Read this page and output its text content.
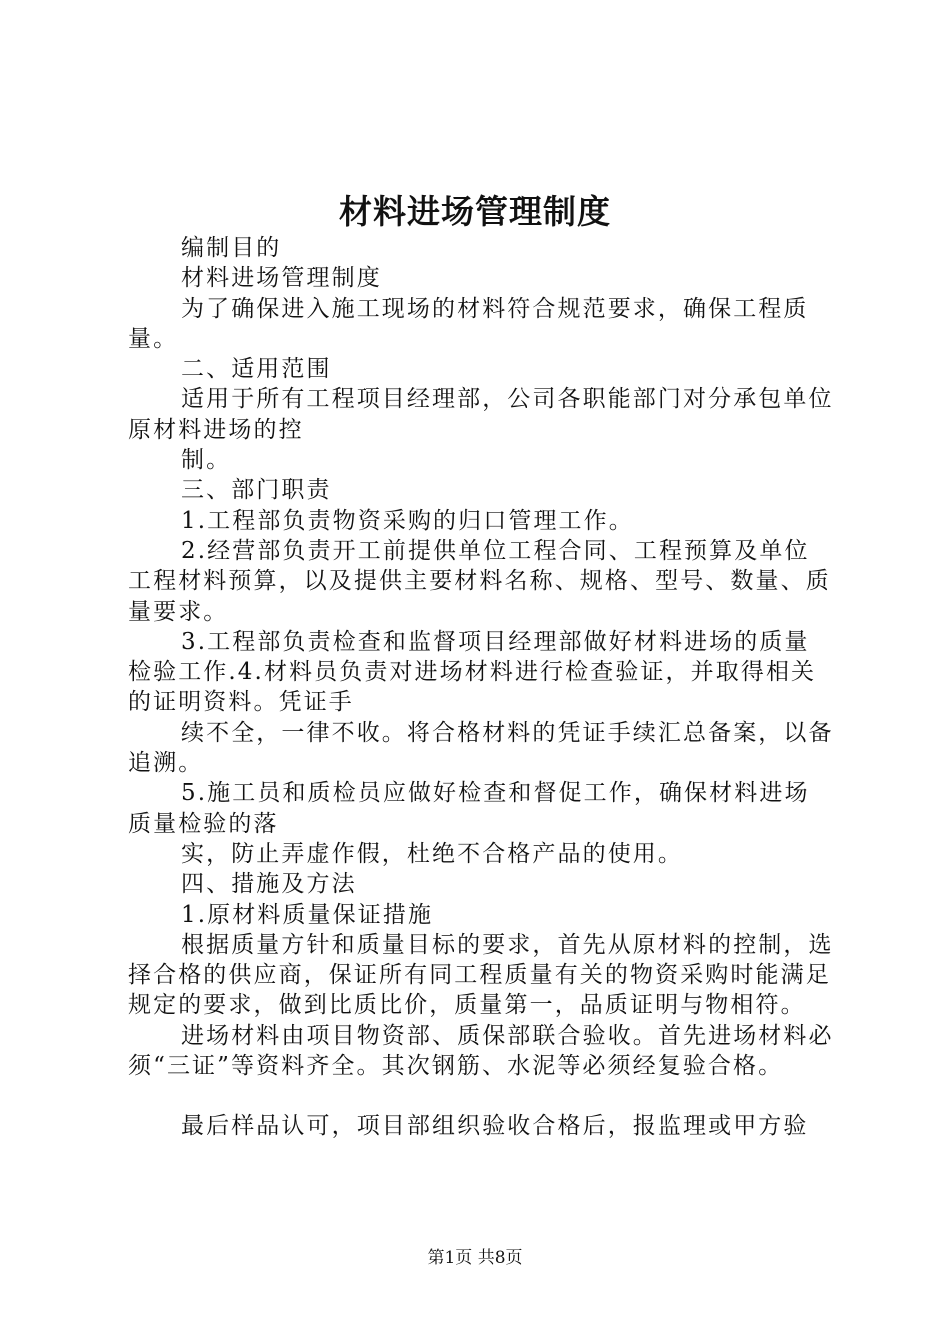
材料进场管理制度

编制目的

材料进场管理制度

为了确保进入施工现场的材料符合规范要求，确保工程质量。

二、适用范围

适用于所有工程项目经理部，公司各职能部门对分承包单位原材料进场的控

制。

三、部门职责

1.工程部负责物资采购的归口管理工作。

2.经营部负责开工前提供单位工程合同、工程预算及单位工程材料预算，以及提供主要材料名称、规格、型号、数量、质量要求。

3.工程部负责检查和监督项目经理部做好材料进场的质量检验工作.4.材料员负责对进场材料进行检查验证，并取得相关的证明资料。凭证手

续不全，一律不收。将合格材料的凭证手续汇总备案，以备追溯。

5.施工员和质检员应做好检查和督促工作，确保材料进场质量检验的落

实，防止弄虚作假，杜绝不合格产品的使用。

四、措施及方法

1.原材料质量保证措施

根据质量方针和质量目标的要求，首先从原材料的控制，选择合格的供应商，保证所有同工程质量有关的物资采购时能满足规定的要求，做到比质比价，质量第一，品质证明与物相符。

进场材料由项目物资部、质保部联合验收。首先进场材料必须“三证”等资料齐全。其次钢筋、水泥等必须经复验合格。

最后样品认可，项目部组织验收合格后，报监理或甲方验

第1页 共8页
